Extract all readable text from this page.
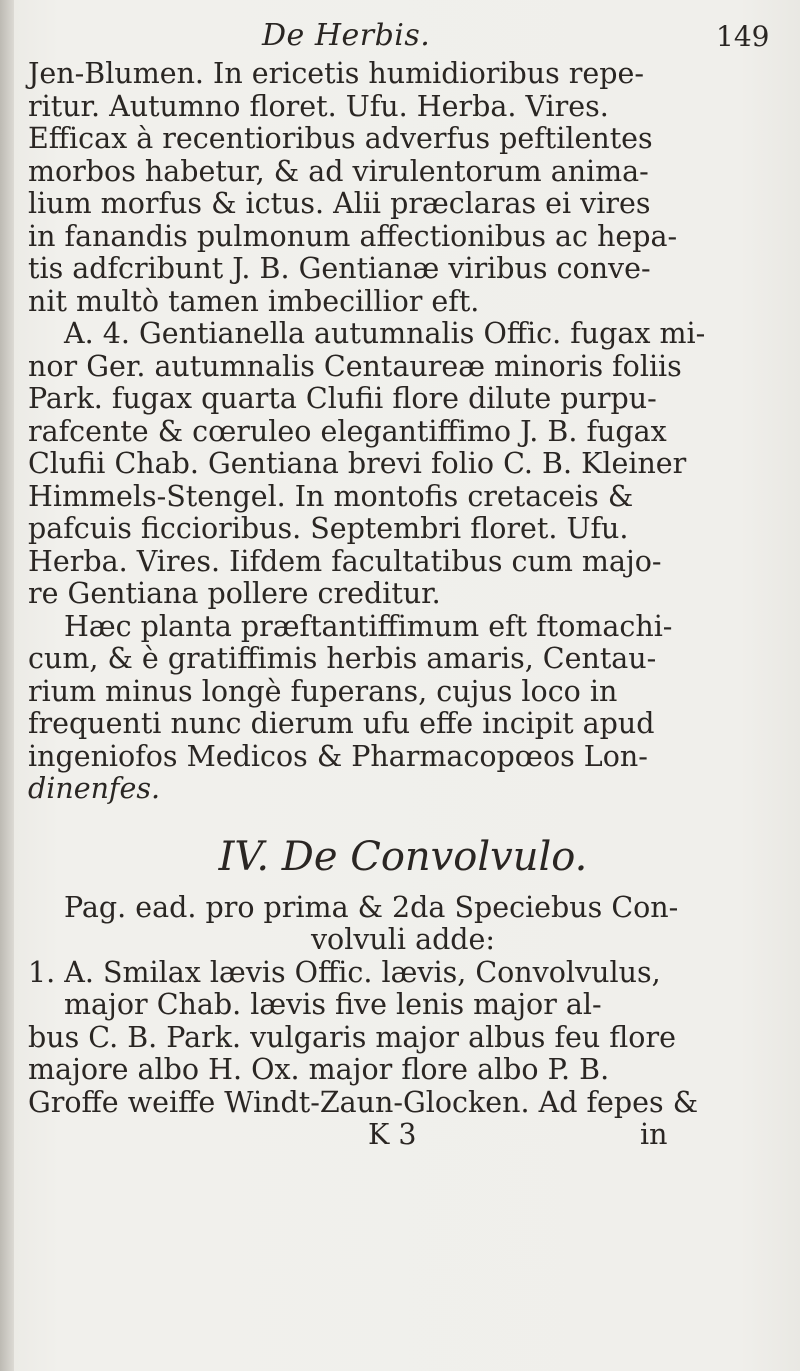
De Herbis.	149
Jen-Blumen. In ericetis humidioribus repe-
ritur. Autumno floret. Ufu. Herba. Vires.
Efficax à recentioribus adverfus peftilentes
morbos habetur, & ad virulentorum anima-
lium morfus & ictus. Alii præclaras ei vires
in fanandis pulmonum affectionibus ac hepa-
tis adfcribunt J. B. Gentianæ viribus conve-
nit multò tamen imbecillior eft.
A. 4. Gentianella autumnalis Offic. fugax mi-
nor Ger. autumnalis Centaureæ minoris foliis
Park. fugax quarta Clufii flore dilute purpu-
rafcente & cœruleo elegantiffimo J. B. fugax
Clufii Chab. Gentiana brevi folio C. B. Kleiner
Himmels-Stengel. In montofis cretaceis &
pafcuis ficcioribus. Septembri floret. Ufu.
Herba. Vires. Iifdem facultatibus cum majo-
re Gentiana pollere creditur.
Hæc planta præftantiffimum eft ftomachi-
cum, & è gratiffimis herbis amaris, Centau-
rium minus longè fuperans, cujus loco in
frequenti nunc dierum ufu effe incipit apud
ingeniofos Medicos & Pharmacopœos Lon-
dinenfes.
IV. De Convolvulo.
Pag. ead. pro prima & 2da Speciebus Con-
volvuli adde:
1. A. Smilax lævis Offic. lævis, Convolvulus,
major Chab. lævis five lenis major al-
bus C. B. Park. vulgaris major albus feu flore
majore albo H. Ox. major flore albo P. B.
Groffe weiffe Windt-Zaun-Glocken. Ad fepes &
K 3	in
